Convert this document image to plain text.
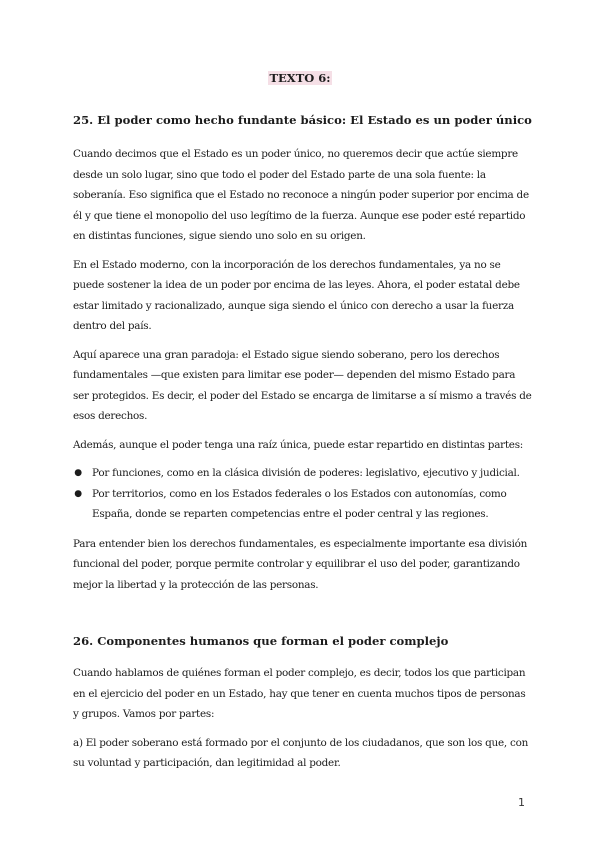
TEXTO 6:
25. El poder como hecho fundante básico: El Estado es un poder único

Cuando decimos que el Estado es un poder único, no queremos decir que actúe siempre desde un solo lugar, sino que todo el poder del Estado parte de una sola fuente: la soberanía. Eso significa que el Estado no reconoce a ningún poder superior por encima de él y que tiene el monopolio del uso legítimo de la fuerza. Aunque ese poder esté repartido en distintas funciones, sigue siendo uno solo en su origen.

En el Estado moderno, con la incorporación de los derechos fundamentales, ya no se puede sostener la idea de un poder por encima de las leyes. Ahora, el poder estatal debe estar limitado y racionalizado, aunque siga siendo el único con derecho a usar la fuerza dentro del país.

Aquí aparece una gran paradoja: el Estado sigue siendo soberano, pero los derechos fundamentales —que existen para limitar ese poder— dependen del mismo Estado para ser protegidos. Es decir, el poder del Estado se encarga de limitarse a sí mismo a través de esos derechos.

Además, aunque el poder tenga una raíz única, puede estar repartido en distintas partes:

● Por funciones, como en la clásica división de poderes: legislativo, ejecutivo y judicial.
● Por territorios, como en los Estados federales o los Estados con autonomías, como España, donde se reparten competencias entre el poder central y las regiones.

Para entender bien los derechos fundamentales, es especialmente importante esa división funcional del poder, porque permite controlar y equilibrar el uso del poder, garantizando mejor la libertad y la protección de las personas.

26. Componentes humanos que forman el poder complejo

Cuando hablamos de quiénes forman el poder complejo, es decir, todos los que participan en el ejercicio del poder en un Estado, hay que tener en cuenta muchos tipos de personas y grupos. Vamos por partes:

a) El poder soberano está formado por el conjunto de los ciudadanos, que son los que, con su voluntad y participación, dan legitimidad al poder.

1
